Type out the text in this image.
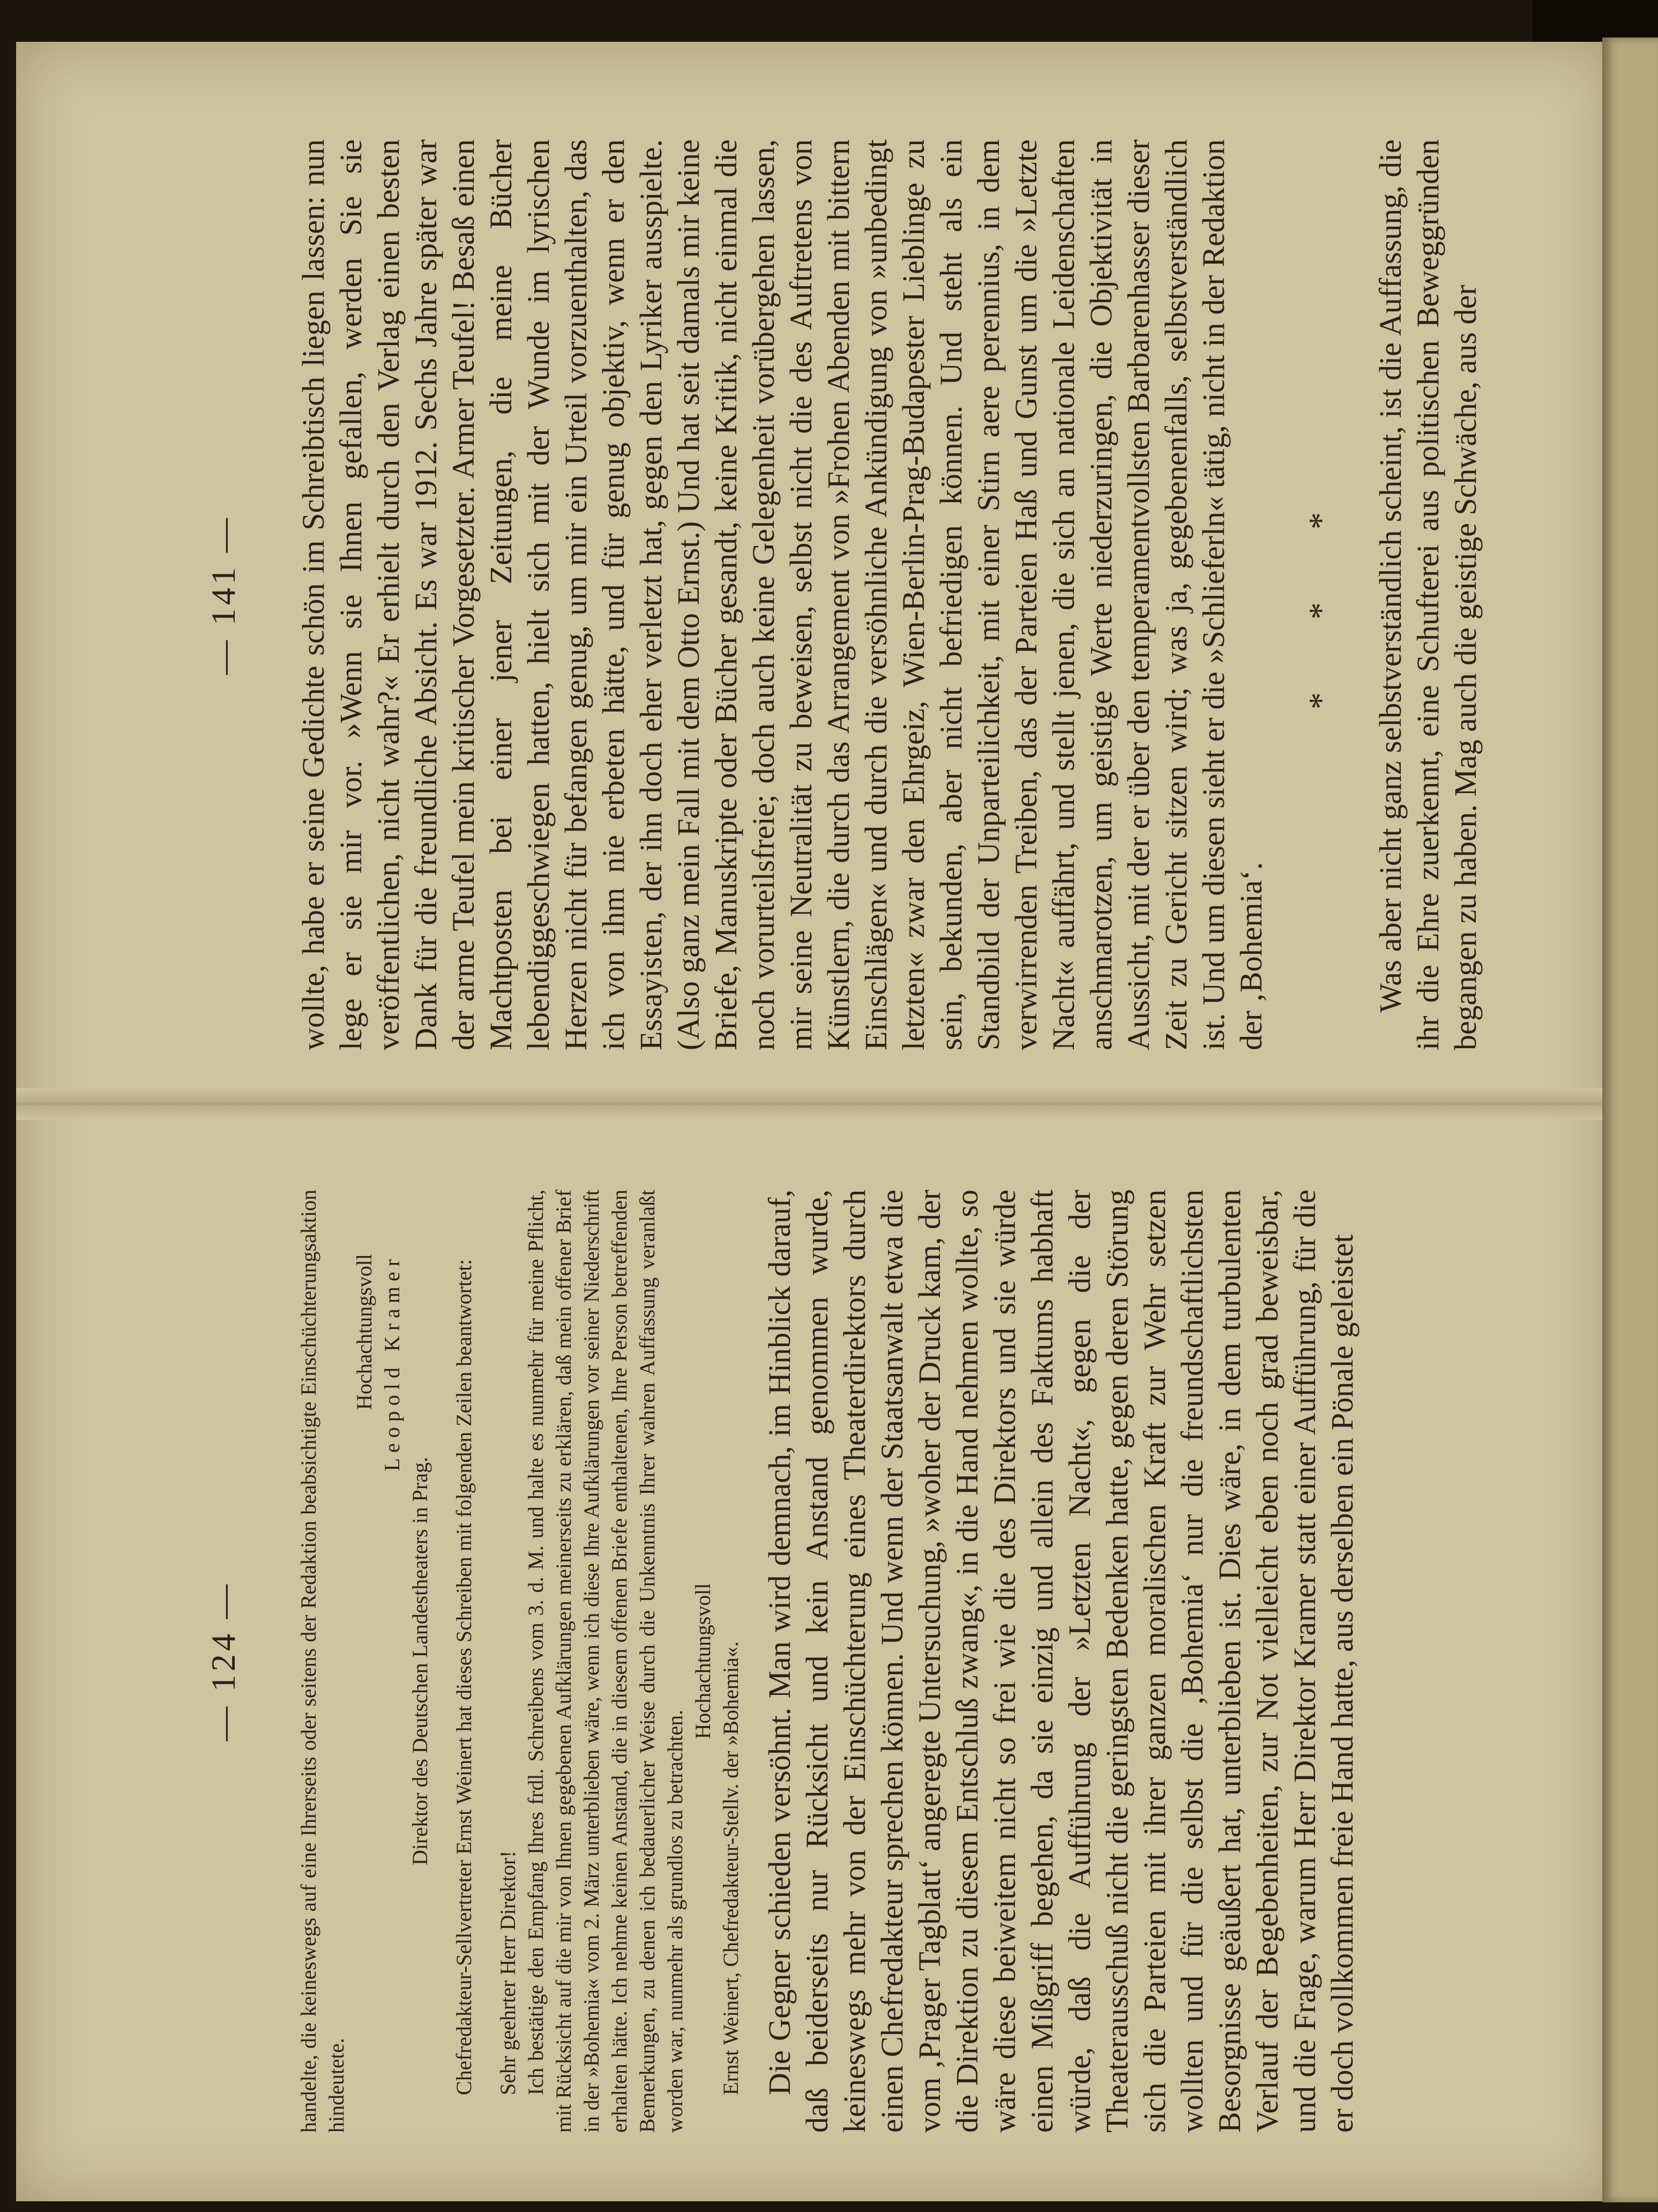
— 141 — wollte, habe er seine Gedichte schön im Schreibtisch liegen lassen: nun lege er sie mir vor. »Wenn sie Ihnen gefallen, werden Sie sie veröffentlichen, nicht wahr?« Er erhielt durch den Verlag einen besten Dank für die freundliche Absicht. Es war 1912. Sechs Jahre später war der arme Teufel mein kritischer Vorgesetzter. Armer Teufel! Besaß einen Machtposten bei einer jener Zeitungen, die meine Bücher lebendiggeschwiegen hatten, hielt sich mit der Wunde im lyrischen Herzen nicht für befangen genug, um mir ein Urteil vorzuenthalten, das ich von ihm nie erbeten hätte, und für genug objektiv, wenn er den Essayisten, der ihn doch eher verletzt hat, gegen den Lyriker ausspielte. (Also ganz mein Fall mit dem Otto Ernst.) Und hat seit damals mir keine Briefe, Manuskripte oder Bücher gesandt, keine Kritik, nicht einmal die noch vorurteilsfreie; doch auch keine Gelegenheit vorübergehen lassen, mir seine Neutralität zu beweisen, selbst nicht die des Auftretens von Künstlern, die durch das Arrangement von »Frohen Abenden mit bittern Einschlägen« und durch die versöhnliche Ankündigung von »unbedingt letzten« zwar den Ehrgeiz, Wien-Berlin-Prag-Budapester Lieblinge zu sein, bekunden, aber nicht befriedigen können. Und steht als ein Standbild der Unparteilichkeit, mit einer Stirn aere perennius, in dem verwirrenden Treiben, das der Parteien Haß und Gunst um die »Letzte Nacht« auffährt, und stellt jenen, die sich an nationale Leidenschaften anschmarotzen, um geistige Werte niederzuringen, die Objektivität in Aussicht, mit der er über den temperamentvollsten Barbarenhasser dieser Zeit zu Gericht sitzen wird; was ja, gegebenenfalls, selbstverständlich ist. Und um diesen sieht er die »Schlieferln« tätig, nicht in der Redaktion der ‚Bohemia‘.

* * * Was aber nicht ganz selbstverständlich scheint, ist die Auffassung, die ihr die Ehre zuerkennt, eine Schufterei aus politischen Beweggründen begangen zu haben. Mag auch die geistige Schwäche, aus der

— 124 —	handelte, die keineswegs auf eine Ihrerseits oder seitens der Redaktion beabsichtigte Einschüchterungsaktion hindeutete.

Hochachtungsvoll Leopold Kramer

Direktor des Deutschen Landestheaters in Prag. Chefredakteur-Sellvertreter Ernst Weinert hat dieses Schreiben mit folgenden Zeilen beantwortet: Sehr geehrter Herr Direktor! Ich bestätige den Empfang Ihres frdl. Schreibens vom 3. d. M. und halte es nunmehr für meine Pflicht, mit Rücksicht auf die mir von Ihnen gegebenen Aufklärungen meinerseits zu erklären, daß mein offener Brief in der »Bohemia« vom 2. März unterblieben wäre, wenn ich diese Ihre Aufklärungen vor seiner Niederschrift erhalten hätte. Ich nehme keinen Anstand, die in diesem offenen Briefe enthaltenen, Ihre Person betreffenden Bemerkungen, zu denen ich bedauerlicher Weise durch die Unkenntnis Ihrer wahren Auffassung veranlaßt worden war, nunmehr als grundlos zu betrachten.

Hochachtungsvoll Ernst Weinert, Chefredakteur-Stellv. der »Bohemia«. Die Gegner schieden versöhnt. Man wird demnach, im Hinblick darauf, daß beiderseits nur Rücksicht und kein Anstand genommen wurde, keineswegs mehr von der Einschüchterung eines Theaterdirektors durch einen Chefredakteur sprechen können. Und wenn der Staatsanwalt etwa die vom ‚Prager Tagblatt‘ angeregte Untersuchung, »woher der Druck kam, der die Direktion zu diesem Entschluß zwang«, in die Hand nehmen wollte, so wäre diese beiweitem nicht so frei wie die des Direktors und sie würde einen Mißgriff begehen, da sie einzig und allein des Faktums habhaft würde, daß die Aufführung der »Letzten Nacht«, gegen die der Theaterausschuß nicht die geringsten Bedenken hatte, gegen deren Störung sich die Parteien mit ihrer ganzen moralischen Kraft zur Wehr setzen wollten und für die selbst die ‚Bohemia‘ nur die freundschaftlichsten Besorgnisse geäußert hat, unterblieben ist. Dies wäre, in dem turbulenten Verlauf der Begebenheiten, zur Not vielleicht eben noch grad beweisbar, und die Frage, warum Herr Direktor Kramer statt einer Aufführung, für die er doch vollkommen freie Hand hatte, aus derselben ein Pönale geleistet
